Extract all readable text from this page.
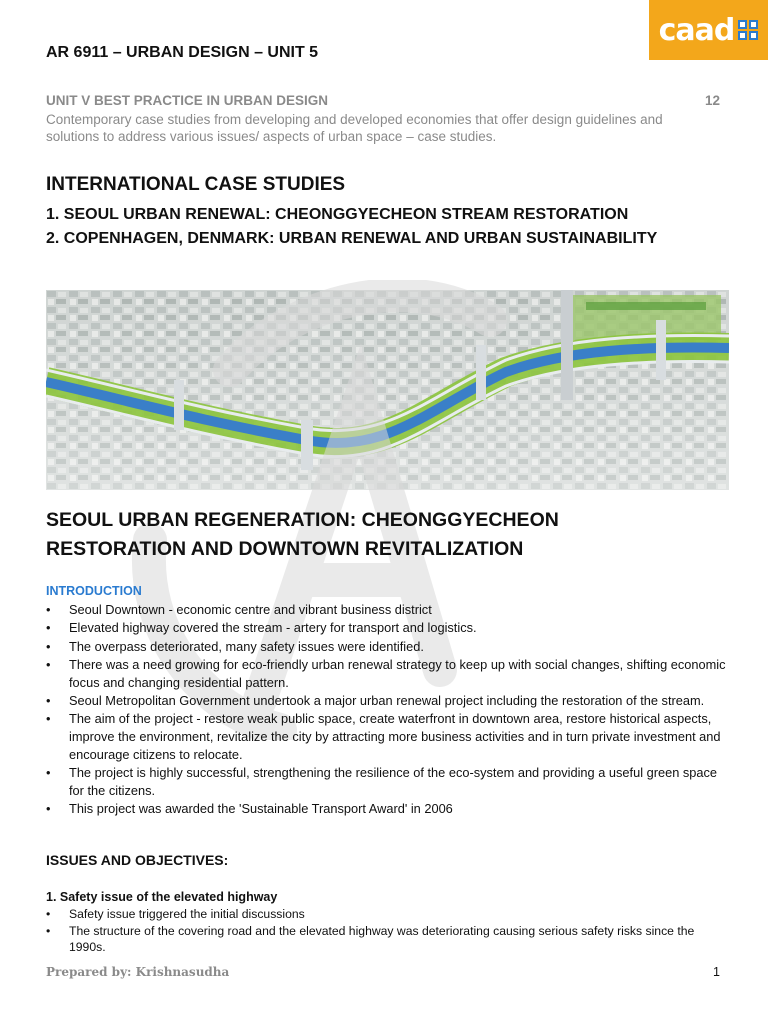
caad
AR 6911 – URBAN DESIGN – UNIT 5
UNIT V BEST PRACTICE IN URBAN DESIGN	12
Contemporary case studies from developing and developed economies that offer design guidelines and solutions to address various issues/ aspects of urban space – case studies.
INTERNATIONAL CASE STUDIES
1. SEOUL URBAN RENEWAL: CHEONGGYECHEON STREAM RESTORATION
2. COPENHAGEN, DENMARK: URBAN RENEWAL AND URBAN SUSTAINABILITY
SEOUL URBAN REGENERATION: CHEONGGYECHEON
RESTORATION AND DOWNTOWN REVITALIZATION
INTRODUCTION
• Seoul Downtown - economic centre and vibrant business district
• Elevated highway covered the stream - artery for transport and logistics.
• The overpass deteriorated, many safety issues were identified.
• There was a need growing for eco-friendly urban renewal strategy to keep up with social changes, shifting economic focus and changing residential pattern.
• Seoul Metropolitan Government undertook a major urban renewal project including the restoration of the stream.
• The aim of the project - restore weak public space, create waterfront in downtown area, restore historical aspects, improve the environment, revitalize the city by attracting more business activities and in turn private investment and encourage citizens to relocate.
• The project is highly successful, strengthening the resilience of the eco-system and providing a useful green space for the citizens.
• This project was awarded the 'Sustainable Transport Award' in 2006
ISSUES AND OBJECTIVES:
1. Safety issue of the elevated highway
• Safety issue triggered the initial discussions
• The structure of the covering road and the elevated highway was deteriorating causing serious safety risks since the 1990s.
Prepared by: Krishnasudha	1
